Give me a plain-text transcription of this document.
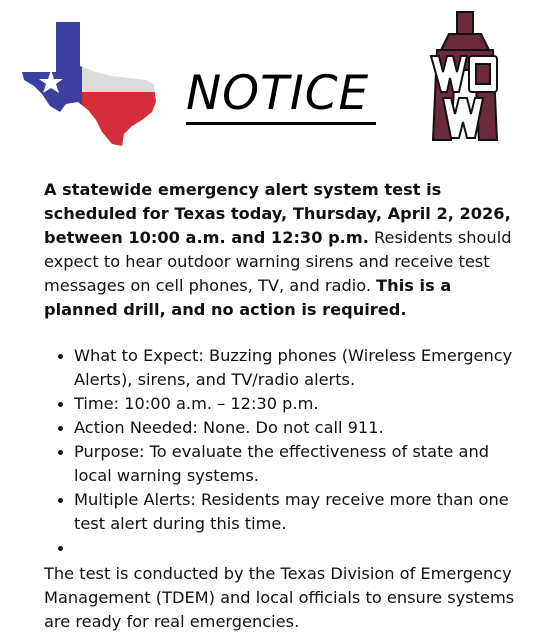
NOTICE
A statewide emergency alert system test is scheduled for Texas today, Thursday, April 2, 2026, between 10:00 a.m. and 12:30 p.m. Residents should expect to hear outdoor warning sirens and receive test messages on cell phones, TV, and radio. This is a planned drill, and no action is required.
• What to Expect: Buzzing phones (Wireless Emergency Alerts), sirens, and TV/radio alerts.
• Time: 10:00 a.m. – 12:30 p.m.
• Action Needed: None. Do not call 911.
• Purpose: To evaluate the effectiveness of state and local warning systems.
• Multiple Alerts: Residents may receive more than one test alert during this time.
•
The test is conducted by the Texas Division of Emergency Management (TDEM) and local officials to ensure systems are ready for real emergencies.
